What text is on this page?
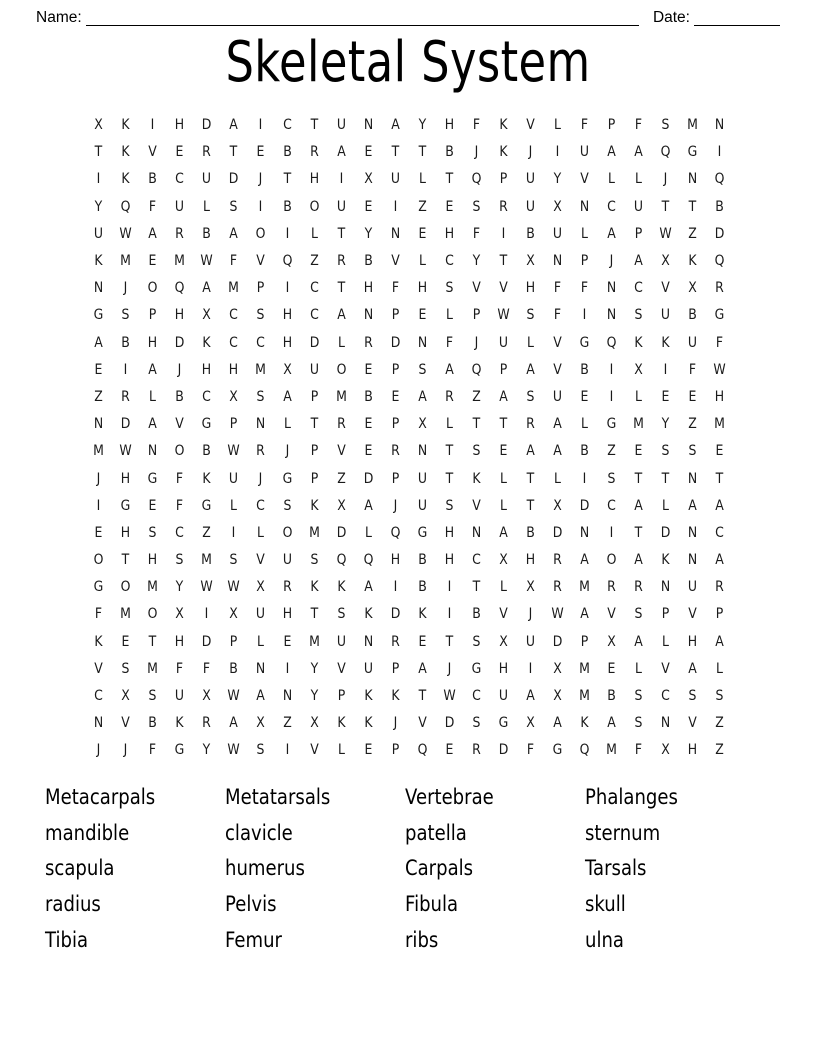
Name:	Date:
Skeletal System
X	K	I	H	D	A	I	C	T	U	N	A	Y	H	F	K	V	L	F	P	F	S	M	N
T	K	V	E	R	T	E	B	R	A	E	T	T	B	J	K	J	I	U	A	A	Q	G	I
I	K	B	C	U	D	J	T	H	I	X	U	L	T	Q	P	U	Y	V	L	L	J	N	Q
Y	Q	F	U	L	S	I	B	O	U	E	I	Z	E	S	R	U	X	N	C	U	T	T	B
U	W	A	R	B	A	O	I	L	T	Y	N	E	H	F	I	B	U	L	A	P	W	Z	D
K	M	E	M	W	F	V	Q	Z	R	B	V	L	C	Y	T	X	N	P	J	A	X	K	Q
N	J	O	Q	A	M	P	I	C	T	H	F	H	S	V	V	H	F	F	N	C	V	X	R
G	S	P	H	X	C	S	H	C	A	N	P	E	L	P	W	S	F	I	N	S	U	B	G
A	B	H	D	K	C	C	H	D	L	R	D	N	F	J	U	L	V	G	Q	K	K	U	F
E	I	A	J	H	H	M	X	U	O	E	P	S	A	Q	P	A	V	B	I	X	I	F	W
Z	R	L	B	C	X	S	A	P	M	B	E	A	R	Z	A	S	U	E	I	L	E	E	H
N	D	A	V	G	P	N	L	T	R	E	P	X	L	T	T	R	A	L	G	M	Y	Z	M
M	W	N	O	B	W	R	J	P	V	E	R	N	T	S	E	A	A	B	Z	E	S	S	E
J	H	G	F	K	U	J	G	P	Z	D	P	U	T	K	L	T	L	I	S	T	T	N	T
I	G	E	F	G	L	C	S	K	X	A	J	U	S	V	L	T	X	D	C	A	L	A	A
E	H	S	C	Z	I	L	O	M	D	L	Q	G	H	N	A	B	D	N	I	T	D	N	C
O	T	H	S	M	S	V	U	S	Q	Q	H	B	H	C	X	H	R	A	O	A	K	N	A
G	O	M	Y	W	W	X	R	K	K	A	I	B	I	T	L	X	R	M	R	R	N	U	R
F	M	O	X	I	X	U	H	T	S	K	D	K	I	B	V	J	W	A	V	S	P	V	P
K	E	T	H	D	P	L	E	M	U	N	R	E	T	S	X	U	D	P	X	A	L	H	A
V	S	M	F	F	B	N	I	Y	V	U	P	A	J	G	H	I	X	M	E	L	V	A	L
C	X	S	U	X	W	A	N	Y	P	K	K	T	W	C	U	A	X	M	B	S	C	S	S
N	V	B	K	R	A	X	Z	X	K	K	J	V	D	S	G	X	A	K	A	S	N	V	Z
J	J	F	G	Y	W	S	I	V	L	E	P	Q	E	R	D	F	G	Q	M	F	X	H	Z
Metacarpals
mandible
scapula
radius
Tibia
Metatarsals
clavicle
humerus
Pelvis
Femur
Vertebrae
patella
Carpals
Fibula
ribs
Phalanges
sternum
Tarsals
skull
ulna
